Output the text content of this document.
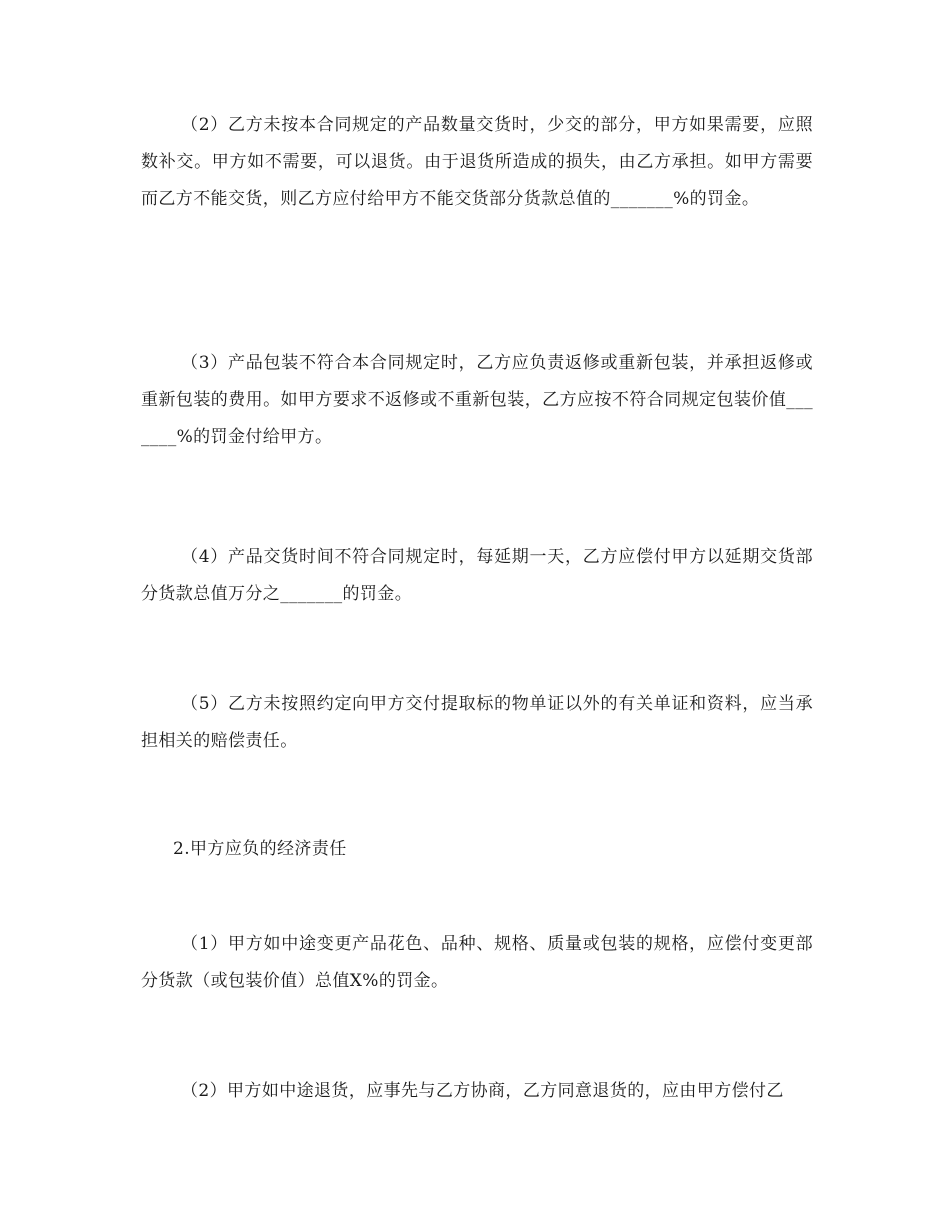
（2）乙方未按本合同规定的产品数量交货时，少交的部分，甲方如果需要，应照数补交。甲方如不需要，可以退货。由于退货所造成的损失，由乙方承担。如甲方需要而乙方不能交货，则乙方应付给甲方不能交货部分货款总值的_______%的罚金。

（3）产品包装不符合本合同规定时，乙方应负责返修或重新包装，并承担返修或重新包装的费用。如甲方要求不返修或不重新包装，乙方应按不符合同规定包装价值_______%的罚金付给甲方。

（4）产品交货时间不符合同规定时，每延期一天，乙方应偿付甲方以延期交货部分货款总值万分之_______的罚金。

（5）乙方未按照约定向甲方交付提取标的物单证以外的有关单证和资料，应当承担相关的赔偿责任。

2.甲方应负的经济责任

（1）甲方如中途变更产品花色、品种、规格、质量或包装的规格，应偿付变更部分货款（或包装价值）总值X%的罚金。

（2）甲方如中途退货，应事先与乙方协商，乙方同意退货的，应由甲方偿付乙
